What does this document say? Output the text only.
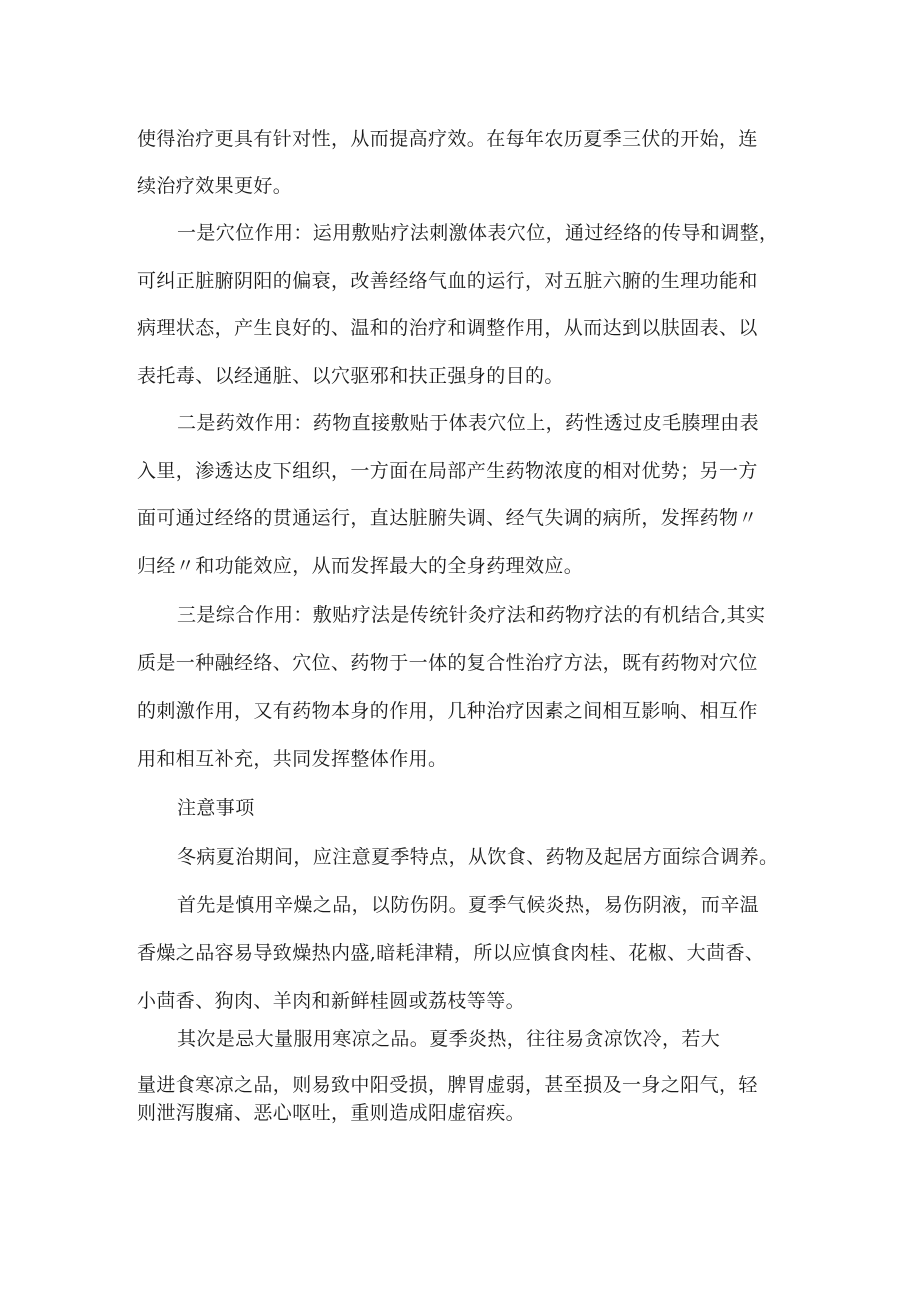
使得治疗更具有针对性，从而提高疗效。在每年农历夏季三伏的开始，连

续治疗效果更好。

一是穴位作用：运用敷贴疗法刺激体表穴位，通过经络的传导和调整，

可纠正脏腑阴阳的偏衰，改善经络气血的运行，对五脏六腑的生理功能和

病理状态，产生良好的、温和的治疗和调整作用，从而达到以肤固表、以

表托毒、以经通脏、以穴驱邪和扶正强身的目的。

二是药效作用：药物直接敷贴于体表穴位上，药性透过皮毛腠理由表

入里，渗透达皮下组织，一方面在局部产生药物浓度的相对优势；另一方

面可通过经络的贯通运行，直达脏腑失调、经气失调的病所，发挥药物〃

归经〃和功能效应，从而发挥最大的全身药理效应。

三是综合作用：敷贴疗法是传统针灸疗法和药物疗法的有机结合,其实

质是一种融经络、穴位、药物于一体的复合性治疗方法，既有药物对穴位

的刺激作用，又有药物本身的作用，几种治疗因素之间相互影响、相互作

用和相互补充，共同发挥整体作用。

注意事项

冬病夏治期间，应注意夏季特点，从饮食、药物及起居方面综合调养。

首先是慎用辛燥之品，以防伤阴。夏季气候炎热，易伤阴液，而辛温

香燥之品容易导致燥热内盛,暗耗津精，所以应慎食肉桂、花椒、大茴香、

小茴香、狗肉、羊肉和新鲜桂圆或荔枝等等。

其次是忌大量服用寒凉之品。夏季炎热，往往易贪凉饮冷，若大

量进食寒凉之品，则易致中阳受损，脾胃虚弱，甚至损及一身之阳气，轻

则泄泻腹痛、恶心呕吐，重则造成阳虚宿疾。
